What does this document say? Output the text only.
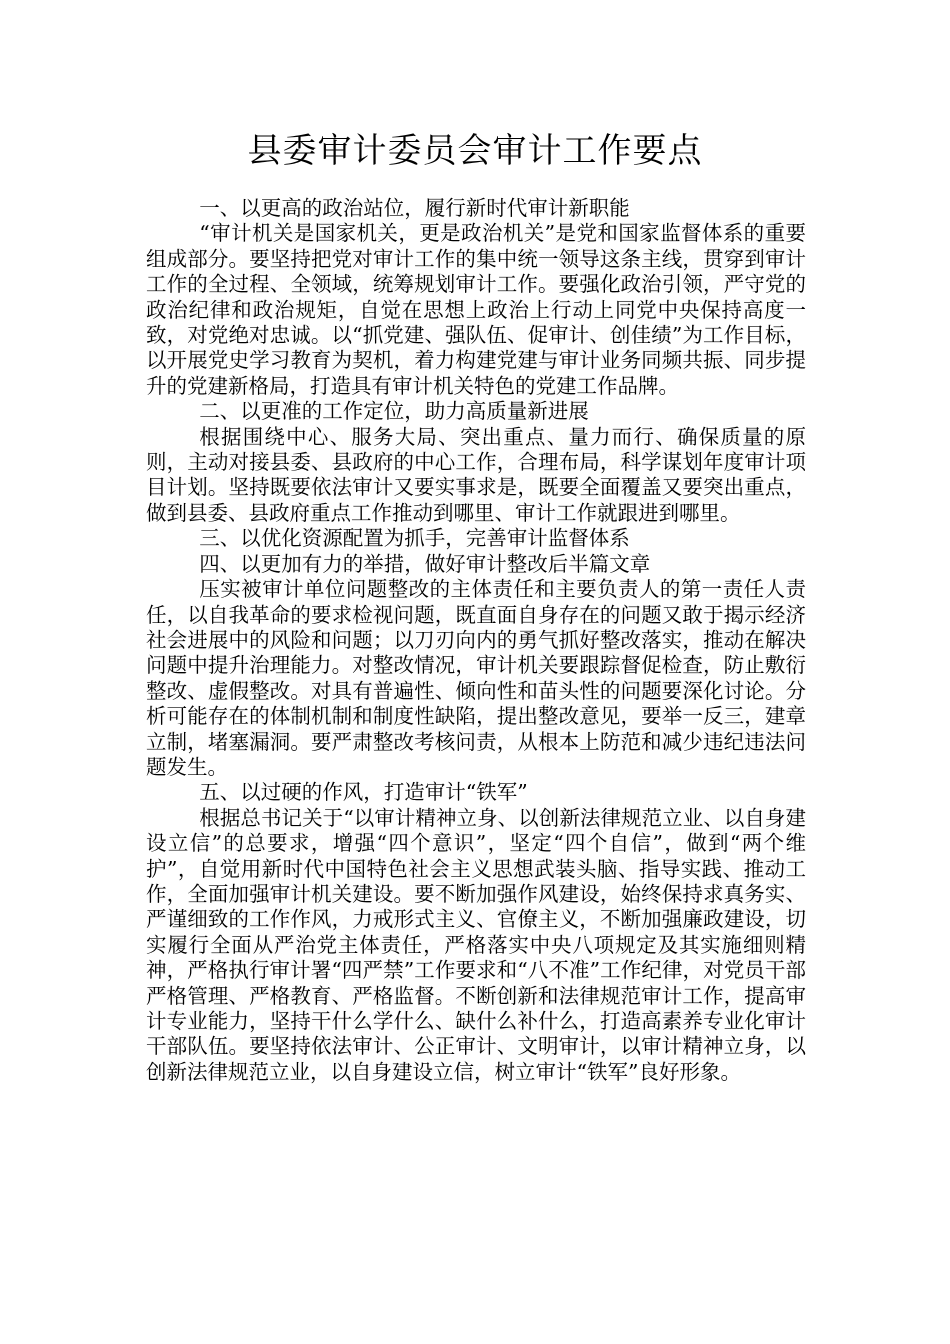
县委审计委员会审计工作要点

一、以更高的政治站位，履行新时代审计新职能

“审计机关是国家机关，更是政治机关”是党和国家监督体系的重要组成部分。要坚持把党对审计工作的集中统一领导这条主线，贯穿到审计工作的全过程、全领域，统筹规划审计工作。要强化政治引领，严守党的政治纪律和政治规矩，自觉在思想上政治上行动上同党中央保持高度一致，对党绝对忠诚。以“抓党建、强队伍、促审计、创佳绩”为工作目标，以开展党史学习教育为契机，着力构建党建与审计业务同频共振、同步提升的党建新格局，打造具有审计机关特色的党建工作品牌。

二、以更准的工作定位，助力高质量新进展

根据围绕中心、服务大局、突出重点、量力而行、确保质量的原则，主动对接县委、县政府的中心工作，合理布局，科学谋划年度审计项目计划。坚持既要依法审计又要实事求是，既要全面覆盖又要突出重点，做到县委、县政府重点工作推动到哪里、审计工作就跟进到哪里。

三、以优化资源配置为抓手，完善审计监督体系

四、以更加有力的举措，做好审计整改后半篇文章

压实被审计单位问题整改的主体责任和主要负责人的第一责任人责任，以自我革命的要求检视问题，既直面自身存在的问题又敢于揭示经济社会进展中的风险和问题；以刀刃向内的勇气抓好整改落实，推动在解决问题中提升治理能力。对整改情况，审计机关要跟踪督促检查，防止敷衍整改、虚假整改。对具有普遍性、倾向性和苗头性的问题要深化讨论。分析可能存在的体制机制和制度性缺陷，提出整改意见，要举一反三，建章立制，堵塞漏洞。要严肃整改考核问责，从根本上防范和减少违纪违法问题发生。

五、以过硬的作风，打造审计“铁军”

根据总书记关于“以审计精神立身、以创新法律规范立业、以自身建设立信”的总要求，增强“四个意识”，坚定“四个自信”，做到“两个维护”，自觉用新时代中国特色社会主义思想武装头脑、指导实践、推动工作，全面加强审计机关建设。要不断加强作风建设，始终保持求真务实、严谨细致的工作作风，力戒形式主义、官僚主义，不断加强廉政建设，切实履行全面从严治党主体责任，严格落实中央八项规定及其实施细则精神，严格执行审计署“四严禁”工作要求和“八不准”工作纪律，对党员干部严格管理、严格教育、严格监督。不断创新和法律规范审计工作，提高审计专业能力，坚持干什么学什么、缺什么补什么，打造高素养专业化审计干部队伍。要坚持依法审计、公正审计、文明审计，以审计精神立身，以创新法律规范立业，以自身建设立信，树立审计“铁军”良好形象。
